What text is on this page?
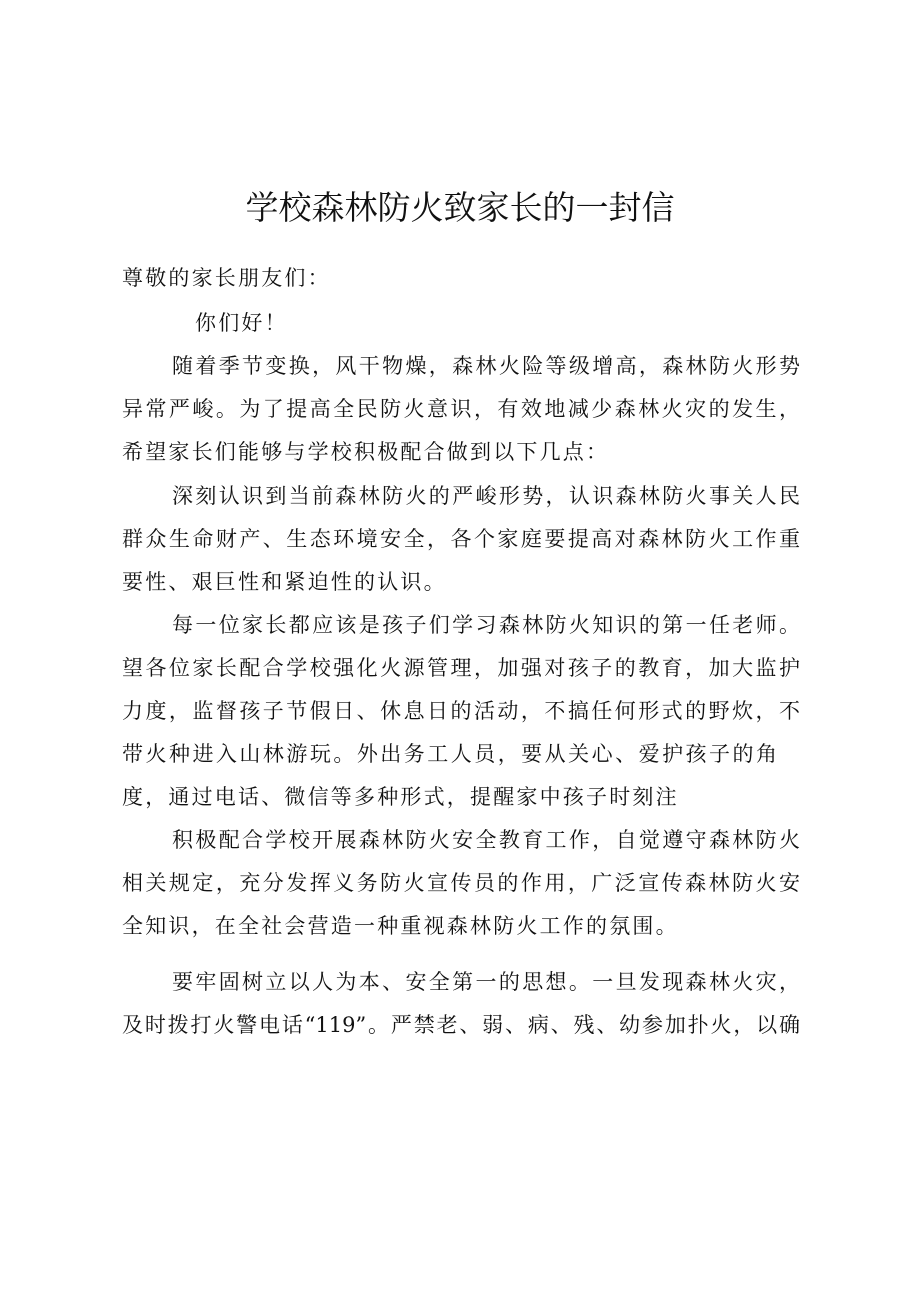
学校森林防火致家长的一封信
尊敬的家长朋友们：
你们好！
随着季节变换，风干物燥，森林火险等级增高，森林防火形势
异常严峻。为了提高全民防火意识，有效地减少森林火灾的发生，
希望家长们能够与学校积极配合做到以下几点：
深刻认识到当前森林防火的严峻形势，认识森林防火事关人民
群众生命财产、生态环境安全，各个家庭要提高对森林防火工作重
要性、艰巨性和紧迫性的认识。
每一位家长都应该是孩子们学习森林防火知识的第一任老师。
望各位家长配合学校强化火源管理，加强对孩子的教育，加大监护
力度，监督孩子节假日、休息日的活动，不搞任何形式的野炊，不
带火种进入山林游玩。外出务工人员，要从关心、爱护孩子的角
度，通过电话、微信等多种形式，提醒家中孩子时刻注
积极配合学校开展森林防火安全教育工作，自觉遵守森林防火
相关规定，充分发挥义务防火宣传员的作用，广泛宣传森林防火安
全知识，在全社会营造一种重视森林防火工作的氛围。
要牢固树立以人为本、安全第一的思想。一旦发现森林火灾，
及时拨打火警电话“119”。严禁老、弱、病、残、幼参加扑火，以确
